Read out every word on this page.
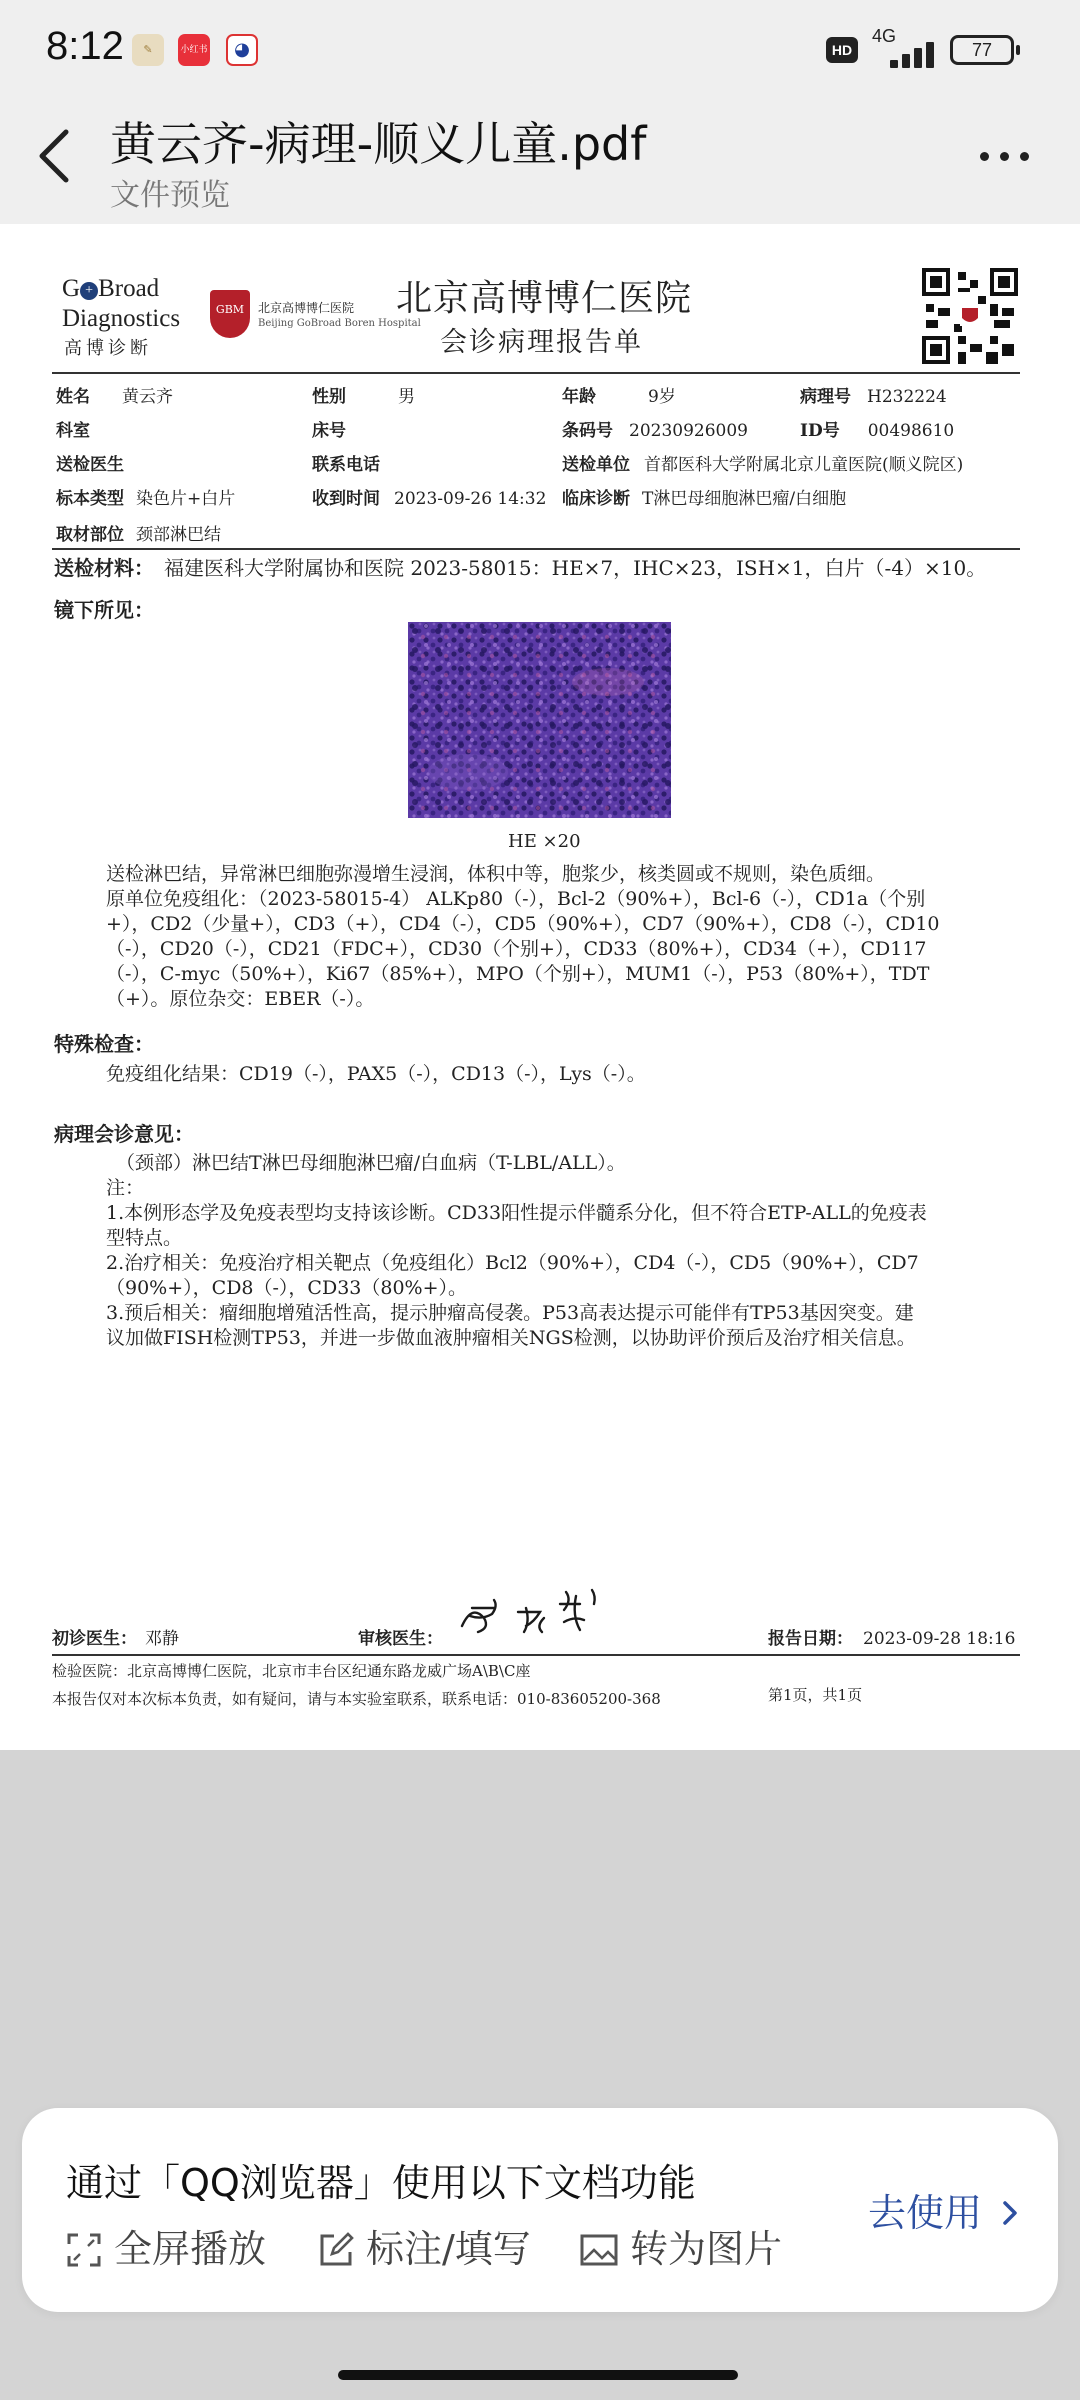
8:12	✎	小红书	◕	HD
4G
77
黄云齐-病理-顺义儿童.pdf
文件预览
G + Broad
Diagnostics
高博诊断
GBM	北京高博博仁医院
Beijing GoBroad Boren Hospital
北京高博博仁医院
会诊病理报告单
姓名 黄云齐	性别	男	年龄	9岁	病理号 H232224
科室	床号	条码号 20230926009	ID号 00498610
送检医生	联系电话	送检单位 首都医科大学附属北京儿童医院(顺义院区)
标本类型 染色片+白片	收到时间 2023-09-26 14:32 临床诊断 T淋巴母细胞淋巴瘤/白细胞
取材部位 颈部淋巴结
送检材料： 福建医科大学附属协和医院 2023-58015：HE×7，IHC×23，ISH×1，白片（-4）×10。
镜下所见：
HE ×20
送检淋巴结，异常淋巴细胞弥漫增生浸润，体积中等，胞浆少，核类圆或不规则，染色质细。
原单位免疫组化：（2023-58015-4） ALKp80（-），Bcl-2（90%+），Bcl-6（-），CD1a（个别
+），CD2（少量+），CD3（+），CD4（-），CD5（90%+），CD7（90%+），CD8（-），CD10
（-），CD20（-），CD21（FDC+），CD30（个别+），CD33（80%+），CD34（+），CD117
（-），C-myc（50%+），Ki67（85%+），MPO（个别+），MUM1（-），P53（80%+），TDT
（+）。原位杂交：EBER（-）。
特殊检查：
免疫组化结果：CD19（-），PAX5（-），CD13（-），Lys（-）。
病理会诊意见：
（颈部）淋巴结T淋巴母细胞淋巴瘤/白血病（T-LBL/ALL）。
注：
1.本例形态学及免疫表型均支持该诊断。CD33阳性提示伴髓系分化，但不符合ETP-ALL的免疫表
型特点。
2.治疗相关：免疫治疗相关靶点（免疫组化）Bcl2（90%+），CD4（-），CD5（90%+），CD7
（90%+），CD8（-），CD33（80%+）。
3.预后相关：瘤细胞增殖活性高，提示肿瘤高侵袭。P53高表达提示可能伴有TP53基因突变。建
议加做FISH检测TP53，并进一步做血液肿瘤相关NGS检测，以协助评价预后及治疗相关信息。
初诊医生： 邓静	审核医生：	报告日期： 2023-09-28 18:16
检验医院：北京高博博仁医院，北京市丰台区纪通东路龙威广场A\B\C座
本报告仅对本次标本负责，如有疑问，请与本实验室联系，联系电话：010-83605200-368	第1页，共1页
通过「QQ浏览器」使用以下文档功能
全屏播放	标注/填写	转为图片
去使用
